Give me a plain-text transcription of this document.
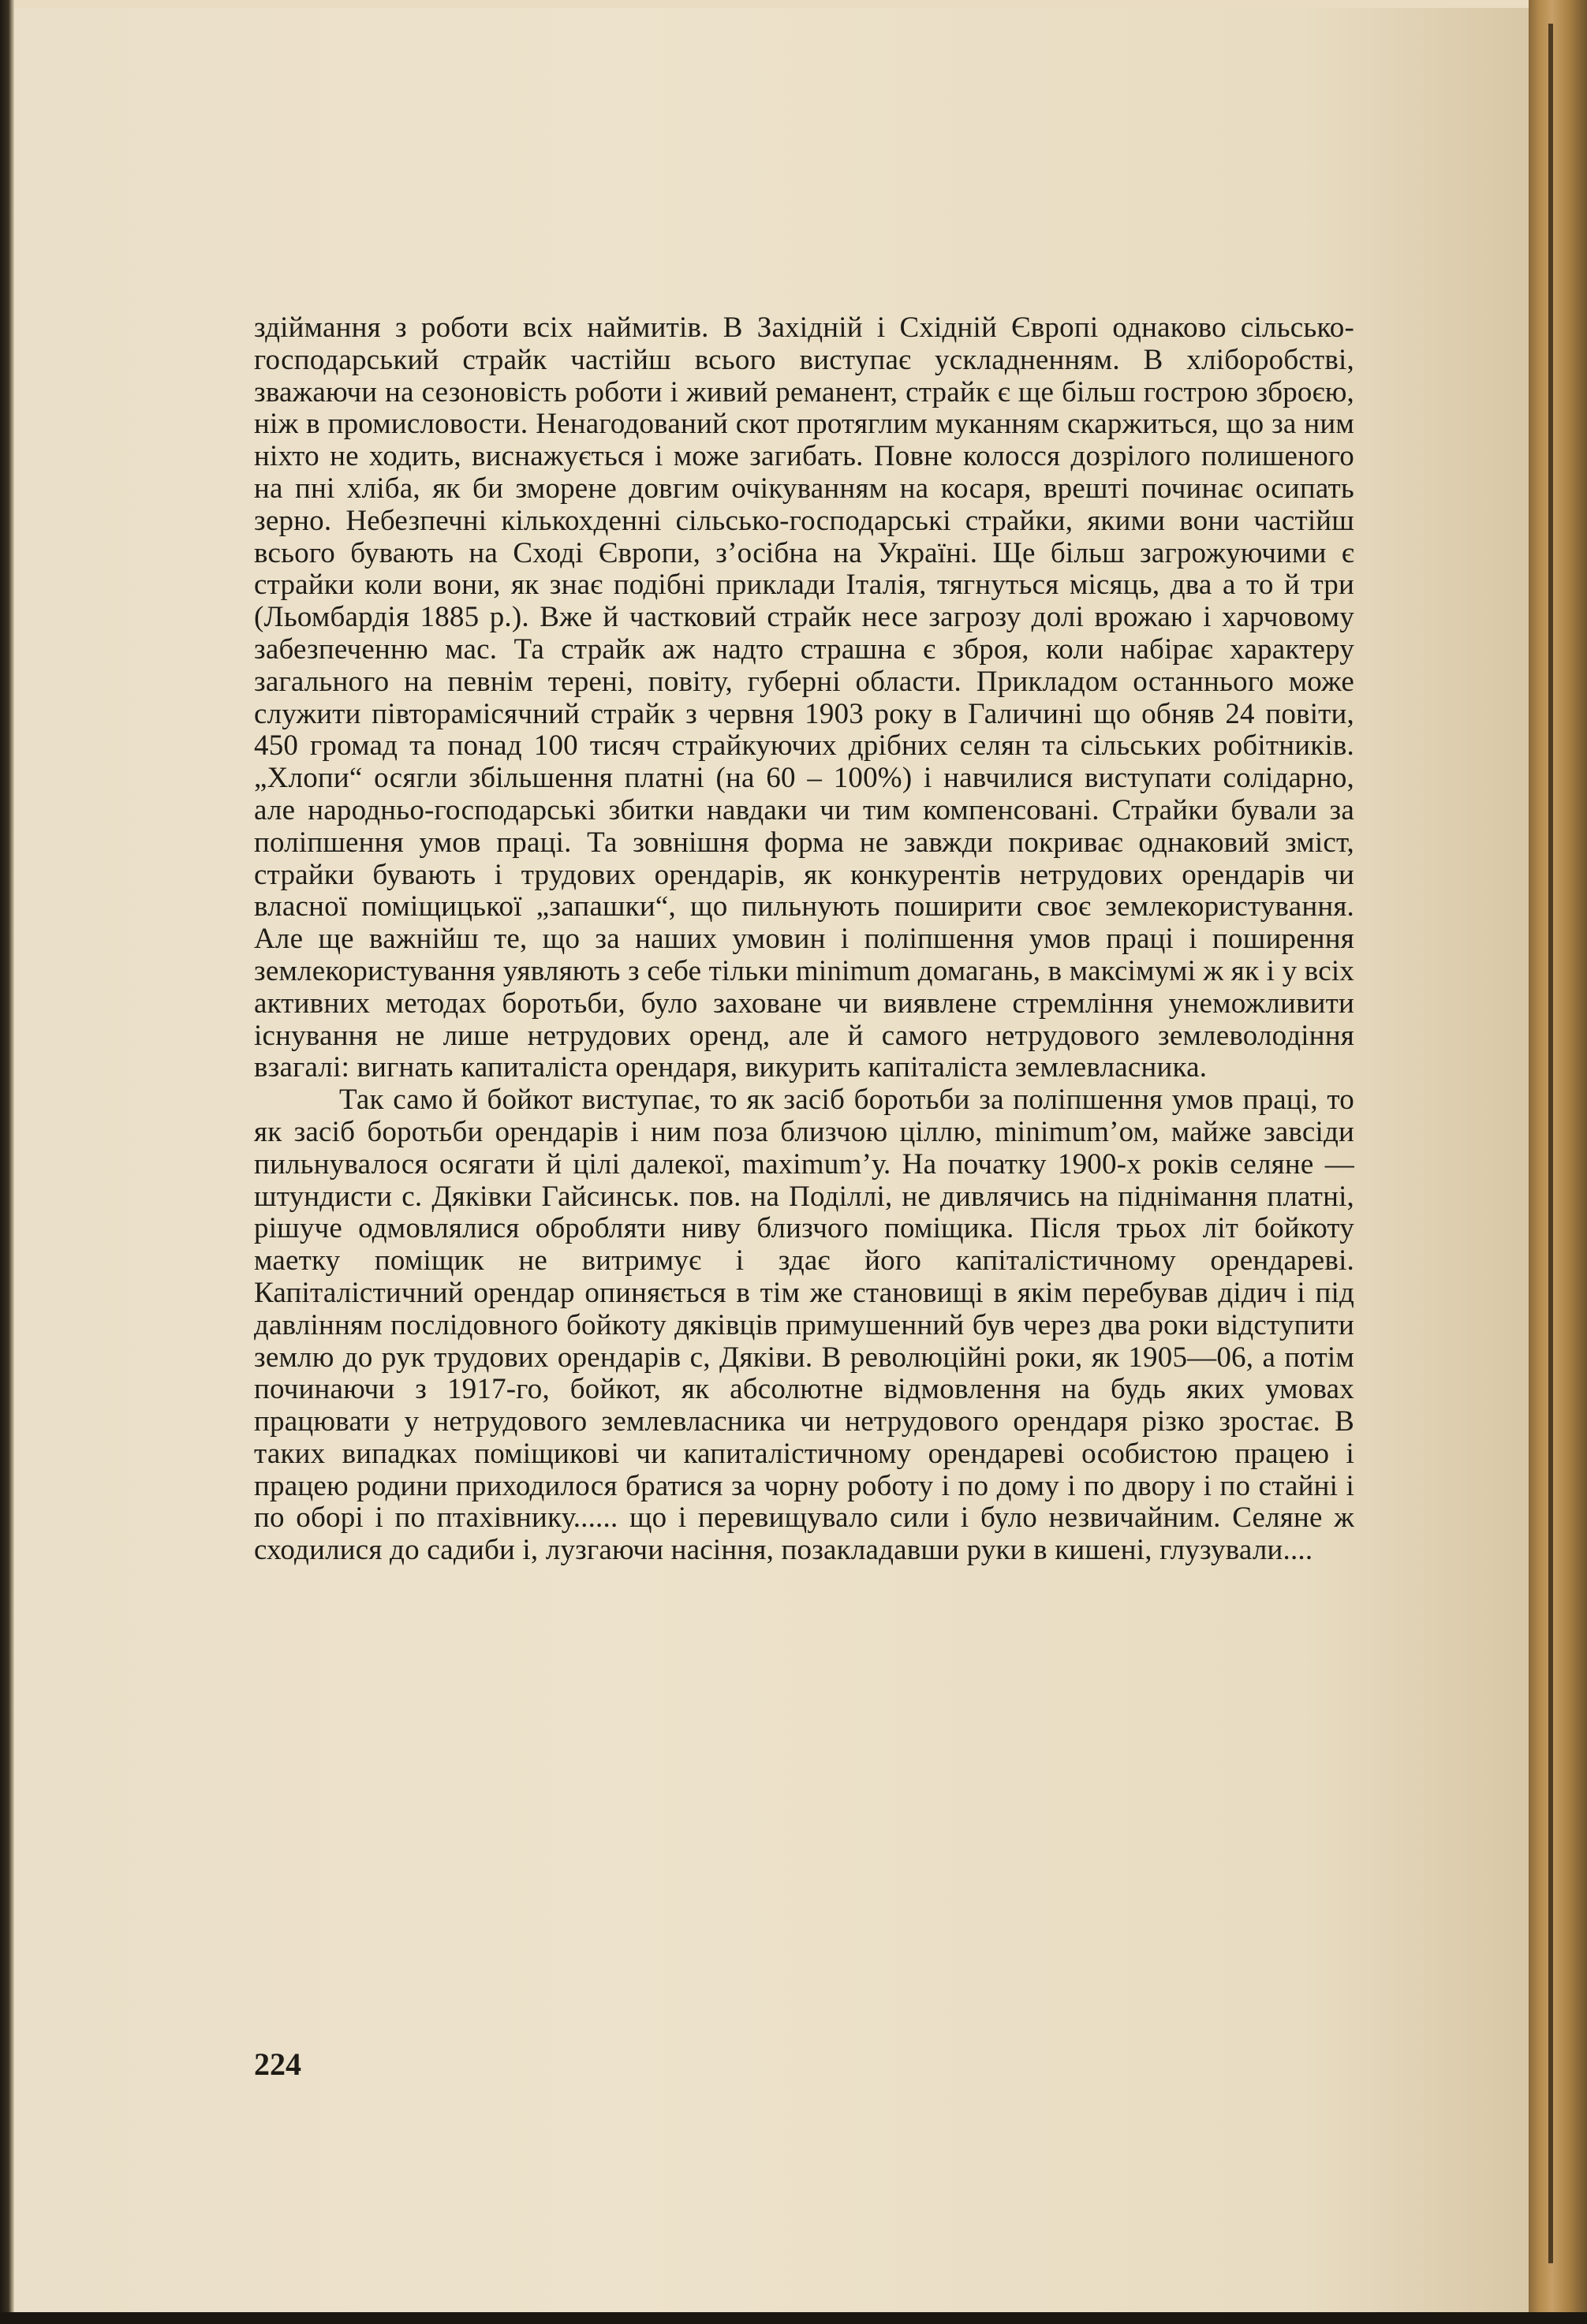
здіймання з роботи всіх наймитів. В Західній і Східній Європі однаково сільсько-господарський страйк частійш всього виступає ускладненням. В хліборобстві, зважаючи на сезоновість роботи і живий реманент, страйк є ще більш гострою зброєю, ніж в промисловости. Ненагодований скот протяглим муканням скаржиться, що за ним ніхто не ходить, виснажується і може загибать. Повне колосся дозрілого полишеного на пні хліба, як би зморене довгим очікуванням на косаря, врешті починає осипать зерно. Небезпечні кількохденні сільсько-господарські страйки, якими вони частійш всього бувають на Сході Європи, з’осібна на Україні. Ще більш загрожуючими є страйки коли вони, як знає подібні приклади Італія, тягнуться місяць, два а то й три (Льомбардія 1885 р.). Вже й частковий страйк несе загрозу долі врожаю і харчовому забезпеченню мас. Та страйк аж надто страшна є зброя, коли набірає характеру загального на певнім терені, повіту, губерні области. Прикладом останнього може служити півторамісячний страйк з червня 1903 року в Галичині що обняв 24 повіти, 450 громад та понад 100 тисяч страйкуючих дрібних селян та сільських робітників. „Хлопи“ осягли збільшення платні (на 60 – 100%) і навчилися виступати солідарно, але народньо-господарські збитки навдаки чи тим компенсовані. Страйки бували за поліпшення умов праці. Та зовнішня форма не завжди покриває однаковий зміст, страйки бувають і трудових орендарів, як конкурентів нетрудових орендарів чи власної поміщицької „запашки“, що пильнують поширити своє землекористування. Але ще важнійш те, що за наших умовин і поліпшення умов праці і поширення землекористування уявляють з себе тільки minimum домагань, в максімумі ж як і у всіх активних методах боротьби, було заховане чи виявлене стремління унеможливити існування не лише нетрудових оренд, але й самого нетрудового землеволодіння взагалі: вигнать капиталіста орендаря, викурить капіталіста землевласника.

Так само й бойкот виступає, то як засіб боротьби за поліпшення умов праці, то як засіб боротьби орендарів і ним поза близчою ціллю, minimum’ом, майже завсіди пильнувалося осягати й цілі далекої, maximum’у. На початку 1900-х років селяне — штундисти с. Дяківки Гайсинськ. пов. на Поділлі, не дивлячись на піднімання платні, рішуче одмовлялися обробляти ниву близчого поміщика. Після трьох літ бойкоту маетку поміщик не витримує і здає його капіталістичному орендареві. Капіталістичний орендар опиняється в тім же становищі в якім перебував дідич і під давлінням послідовного бойкоту дяківців примушенний був через два роки відступити землю до рук трудових орендарів с, Дяківи. В революційні роки, як 1905—06, а потім починаючи з 1917-го, бойкот, як абсолютне відмовлення на будь яких умовах працювати у нетрудового землевласника чи нетрудового орендаря різко зростає. В таких випадках поміщикові чи капиталістичному орендареві особистою працею і працею родини приходилося братися за чорну роботу і по дому і по двору і по стайні і по оборі і по птахівнику...... що і перевищувало сили і було незвичайним. Селяне ж сходилися до садиби і, лузгаючи насіння, позакладавши руки в кишені, глузували....

224
